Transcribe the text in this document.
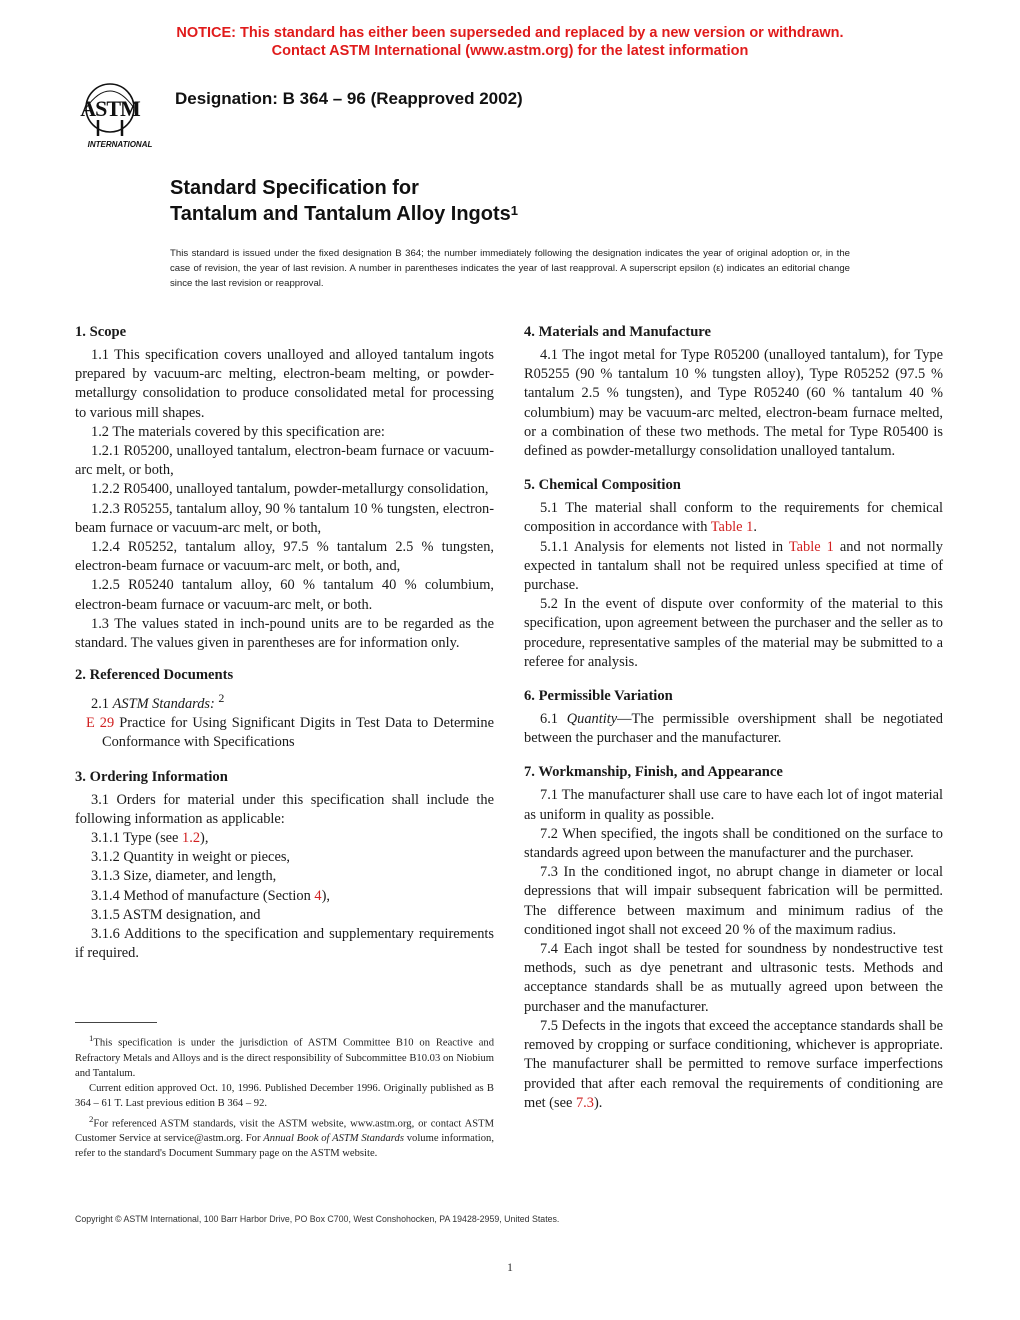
NOTICE: This standard has either been superseded and replaced by a new version or withdrawn.
Contact ASTM International (www.astm.org) for the latest information
ASTM
INTERNATIONAL
Designation: B 364 – 96 (Reapproved 2002)
Standard Specification for
Tantalum and Tantalum Alloy Ingots$^1$
This standard is issued under the fixed designation B 364; the number immediately following the designation indicates the year of original adoption or, in the case of revision, the year of last revision. A number in parentheses indicates the year of last reapproval. A superscript epsilon (ε) indicates an editorial change since the last revision or reapproval.
1. Scope

1.1 This specification covers unalloyed and alloyed tantalum ingots prepared by vacuum-arc melting, electron-beam melting, or powder-metallurgy consolidation to produce consolidated metal for processing to various mill shapes.

1.2 The materials covered by this specification are:

1.2.1 R05200, unalloyed tantalum, electron-beam furnace or vacuum-arc melt, or both,

1.2.2 R05400, unalloyed tantalum, powder-metallurgy consolidation,

1.2.3 R05255, tantalum alloy, 90 % tantalum 10 % tungsten, electron-beam furnace or vacuum-arc melt, or both,

1.2.4 R05252, tantalum alloy, 97.5 % tantalum 2.5 % tungsten, electron-beam furnace or vacuum-arc melt, or both, and,

1.2.5 R05240 tantalum alloy, 60 % tantalum 40 % columbium, electron-beam furnace or vacuum-arc melt, or both.

1.3 The values stated in inch-pound units are to be regarded as the standard. The values given in parentheses are for information only.

2. Referenced Documents

2.1 ASTM Standards: $^2$

E 29 Practice for Using Significant Digits in Test Data to Determine Conformance with Specifications

3. Ordering Information

3.1 Orders for material under this specification shall include the following information as applicable:

3.1.1 Type (see 1.2),

3.1.2 Quantity in weight or pieces,

3.1.3 Size, diameter, and length,

3.1.4 Method of manufacture (Section 4),

3.1.5 ASTM designation, and

3.1.6 Additions to the specification and supplementary requirements if required.

$^1$This specification is under the jurisdiction of ASTM Committee B10 on Reactive and Refractory Metals and Alloys and is the direct responsibility of Subcommittee B10.03 on Niobium and Tantalum.

Current edition approved Oct. 10, 1996. Published December 1996. Originally published as B 364 – 61 T. Last previous edition B 364 – 92.

$^2$For referenced ASTM standards, visit the ASTM website, www.astm.org, or contact ASTM Customer Service at service@astm.org. For Annual Book of ASTM Standards volume information, refer to the standard's Document Summary page on the ASTM website.

4. Materials and Manufacture

4.1 The ingot metal for Type R05200 (unalloyed tantalum), for Type R05255 (90 % tantalum 10 % tungsten alloy), Type R05252 (97.5 % tantalum 2.5 % tungsten), and Type R05240 (60 % tantalum 40 % columbium) may be vacuum-arc melted, electron-beam furnace melted, or a combination of these two methods. The metal for Type R05400 is defined as powder-metallurgy consolidation unalloyed tantalum.

5. Chemical Composition

5.1 The material shall conform to the requirements for chemical composition in accordance with Table 1.

5.1.1 Analysis for elements not listed in Table 1 and not normally expected in tantalum shall not be required unless specified at time of purchase.

5.2 In the event of dispute over conformity of the material to this specification, upon agreement between the purchaser and the seller as to procedure, representative samples of the material may be submitted to a referee for analysis.

6. Permissible Variation

6.1 Quantity—The permissible overshipment shall be negotiated between the purchaser and the manufacturer.

7. Workmanship, Finish, and Appearance

7.1 The manufacturer shall use care to have each lot of ingot material as uniform in quality as possible.

7.2 When specified, the ingots shall be conditioned on the surface to standards agreed upon between the manufacturer and the purchaser.

7.3 In the conditioned ingot, no abrupt change in diameter or local depressions that will impair subsequent fabrication will be permitted. The difference between maximum and minimum radius of the conditioned ingot shall not exceed 20 % of the maximum radius.

7.4 Each ingot shall be tested for soundness by nondestructive test methods, such as dye penetrant and ultrasonic tests. Methods and acceptance standards shall be as mutually agreed upon between the purchaser and the manufacturer.

7.5 Defects in the ingots that exceed the acceptance standards shall be removed by cropping or surface conditioning, whichever is appropriate. The manufacturer shall be permitted to remove surface imperfections provided that after each removal the requirements of conditioning are met (see 7.3).

Copyright © ASTM International, 100 Barr Harbor Drive, PO Box C700, West Conshohocken, PA 19428-2959, United States.
1
